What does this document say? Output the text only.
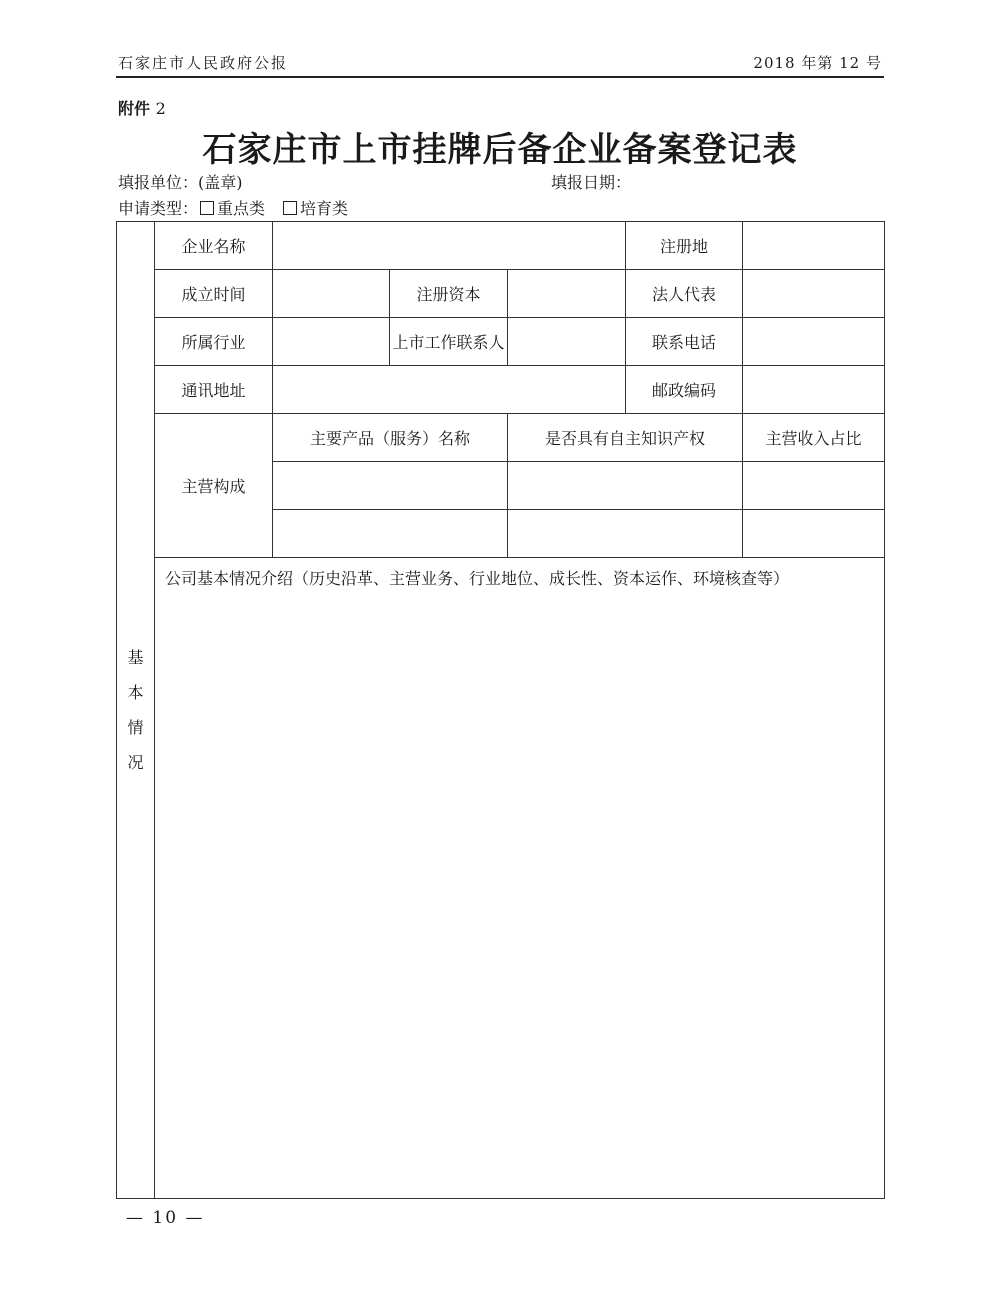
石家庄市人民政府公报	2018 年第 12 号
附件 2
石家庄市上市挂牌后备企业备案登记表
填报单位：(盖章)	填报日期：
申请类型： 重点类 培育类
基
本
情
况	企业名称				注册地	
	成立时间		注册资本		法人代表	
	所属行业		上市工作联系人		联系电话	
	通讯地址				邮政编码	
	主营构成	主要产品（服务）名称		是否具有自主知识产权		主营收入占比

	公司基本情况介绍（历史沿革、主营业务、行业地位、成长性、资本运作、环境核查等）					
— 10 —
